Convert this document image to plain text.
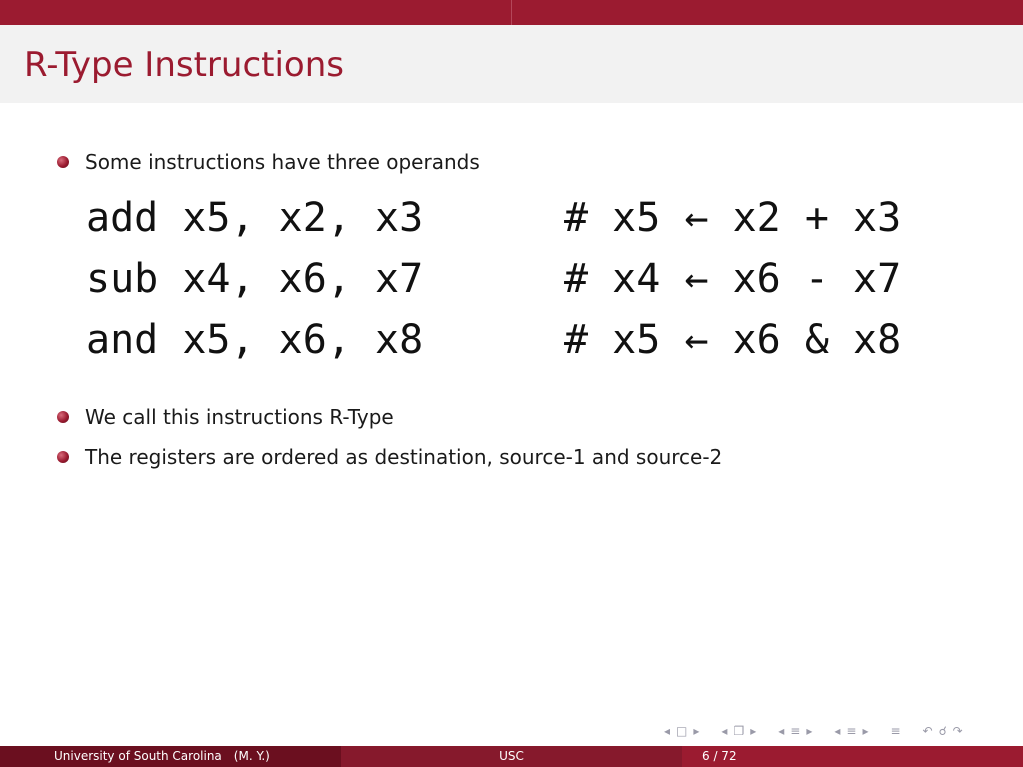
R-Type Instructions
Some instructions have three operands
add x5, x2, x3	# x5 ← x2 + x3
sub x4, x6, x7	# x4 ← x6 - x7
and x5, x6, x8	# x5 ← x6 & x8
We call this instructions R-Type
The registers are ordered as destination, source-1 and source-2
◂ □ ▸ ◂ ❐ ▸ ◂ ≡ ▸ ◂ ≡ ▸ ≡ ↶ ☌ ↷
University of South Carolina (M. Y.)	USC	6 / 72
